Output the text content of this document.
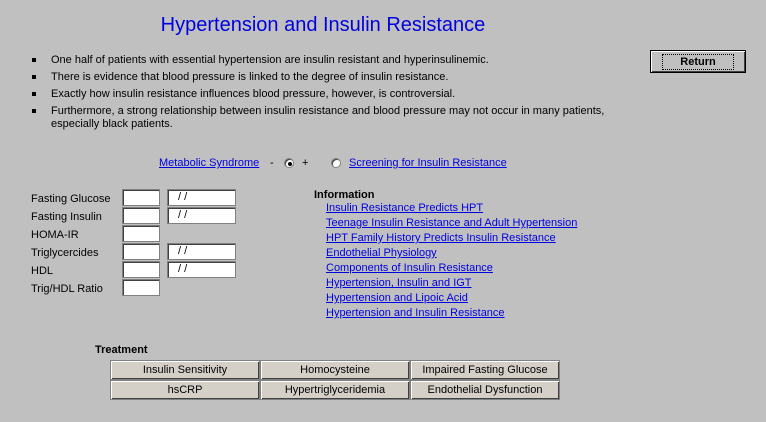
Hypertension and Insulin Resistance
One half of patients with essential hypertension are insulin resistant and hyperinsulinemic.
There is evidence that blood pressure is linked to the degree of insulin resistance.
Exactly how insulin resistance influences blood pressure, however, is controversial.
Furthermore, a strong relationship between insulin resistance and blood pressure may not occur in many patients, especially black patients.
Return
Metabolic Syndrome -
	+	Screening for Insulin Resistance
Fasting Glucose	/ /
Fasting Insulin	/ /
HOMA-IR
Triglycercides	/ /
HDL	/ /
Trig/HDL Ratio
Information
Insulin Resistance Predicts HPT
Teenage Insulin Resistance and Adult Hypertension
HPT Family History Predicts Insulin Resistance
Endothelial Physiology
Components of Insulin Resistance
Hypertension, Insulin and IGT
Hypertension and Lipoic Acid
Hypertension and Insulin Resistance
Treatment
Insulin Sensitivity	Homocysteine	Impaired Fasting Glucose
hsCRP	Hypertriglyceridemia	Endothelial Dysfunction
